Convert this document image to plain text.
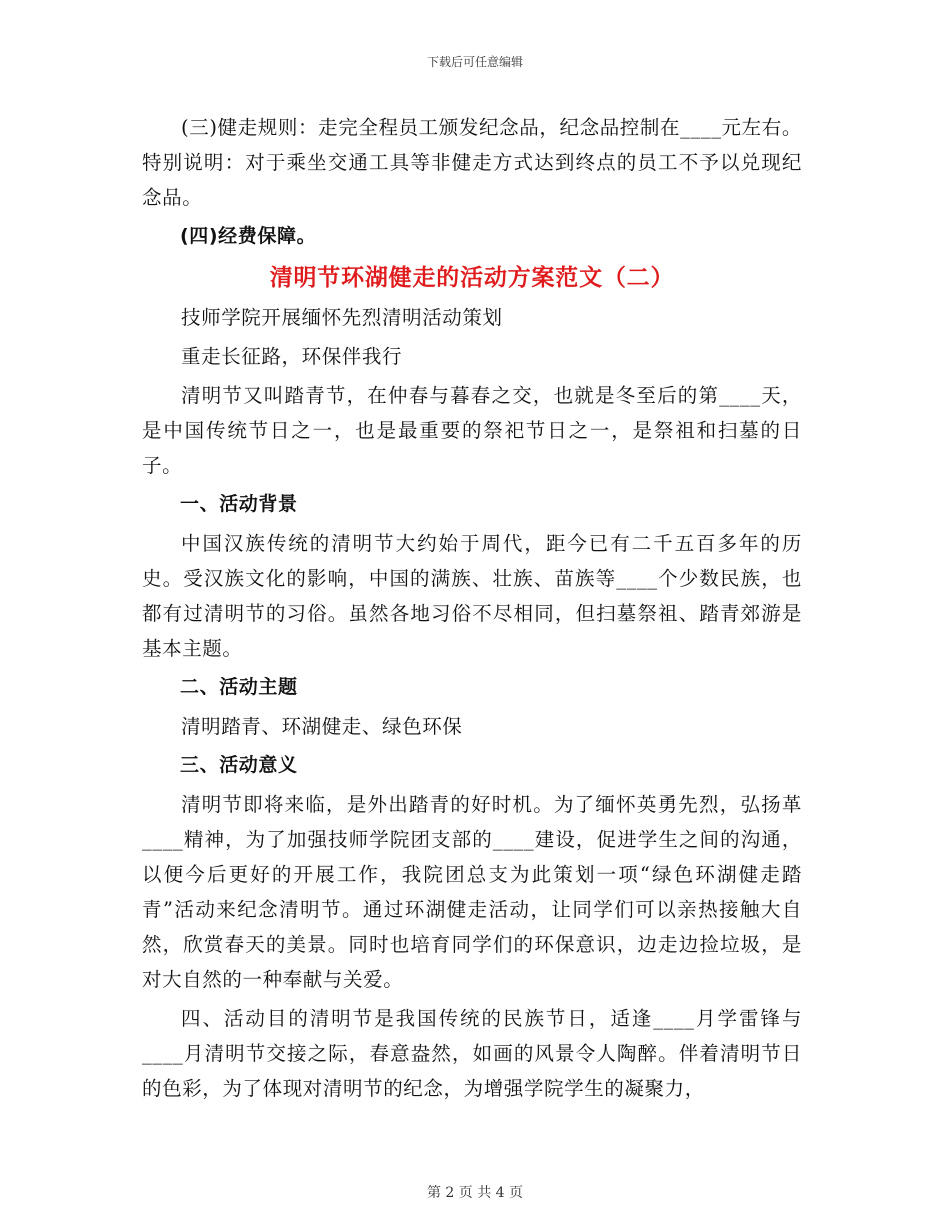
下载后可任意编辑

(三)健走规则：走完全程员工颁发纪念品，纪念品控制在____元左右。特别说明：对于乘坐交通工具等非健走方式达到终点的员工不予以兑现纪念品。

(四)经费保障。

清明节环湖健走的活动方案范文（二）

技师学院开展缅怀先烈清明活动策划

重走长征路，环保伴我行

清明节又叫踏青节，在仲春与暮春之交，也就是冬至后的第____天，是中国传统节日之一，也是最重要的祭祀节日之一，是祭祖和扫墓的日子。

一、活动背景

中国汉族传统的清明节大约始于周代，距今已有二千五百多年的历史。受汉族文化的影响，中国的满族、壮族、苗族等____个少数民族，也都有过清明节的习俗。虽然各地习俗不尽相同，但扫墓祭祖、踏青郊游是基本主题。

二、活动主题

清明踏青、环湖健走、绿色环保

三、活动意义

清明节即将来临，是外出踏青的好时机。为了缅怀英勇先烈，弘扬革____精神，为了加强技师学院团支部的____建设，促进学生之间的沟通，以便今后更好的开展工作，我院团总支为此策划一项“绿色环湖健走踏青”活动来纪念清明节。通过环湖健走活动，让同学们可以亲热接触大自然，欣赏春天的美景。同时也培育同学们的环保意识，边走边捡垃圾，是对大自然的一种奉献与关爱。

四、活动目的清明节是我国传统的民族节日，适逢____月学雷锋与____月清明节交接之际，春意盎然，如画的风景令人陶醉。伴着清明节日的色彩，为了体现对清明节的纪念，为增强学院学生的凝聚力，

第 2 页 共 4 页
